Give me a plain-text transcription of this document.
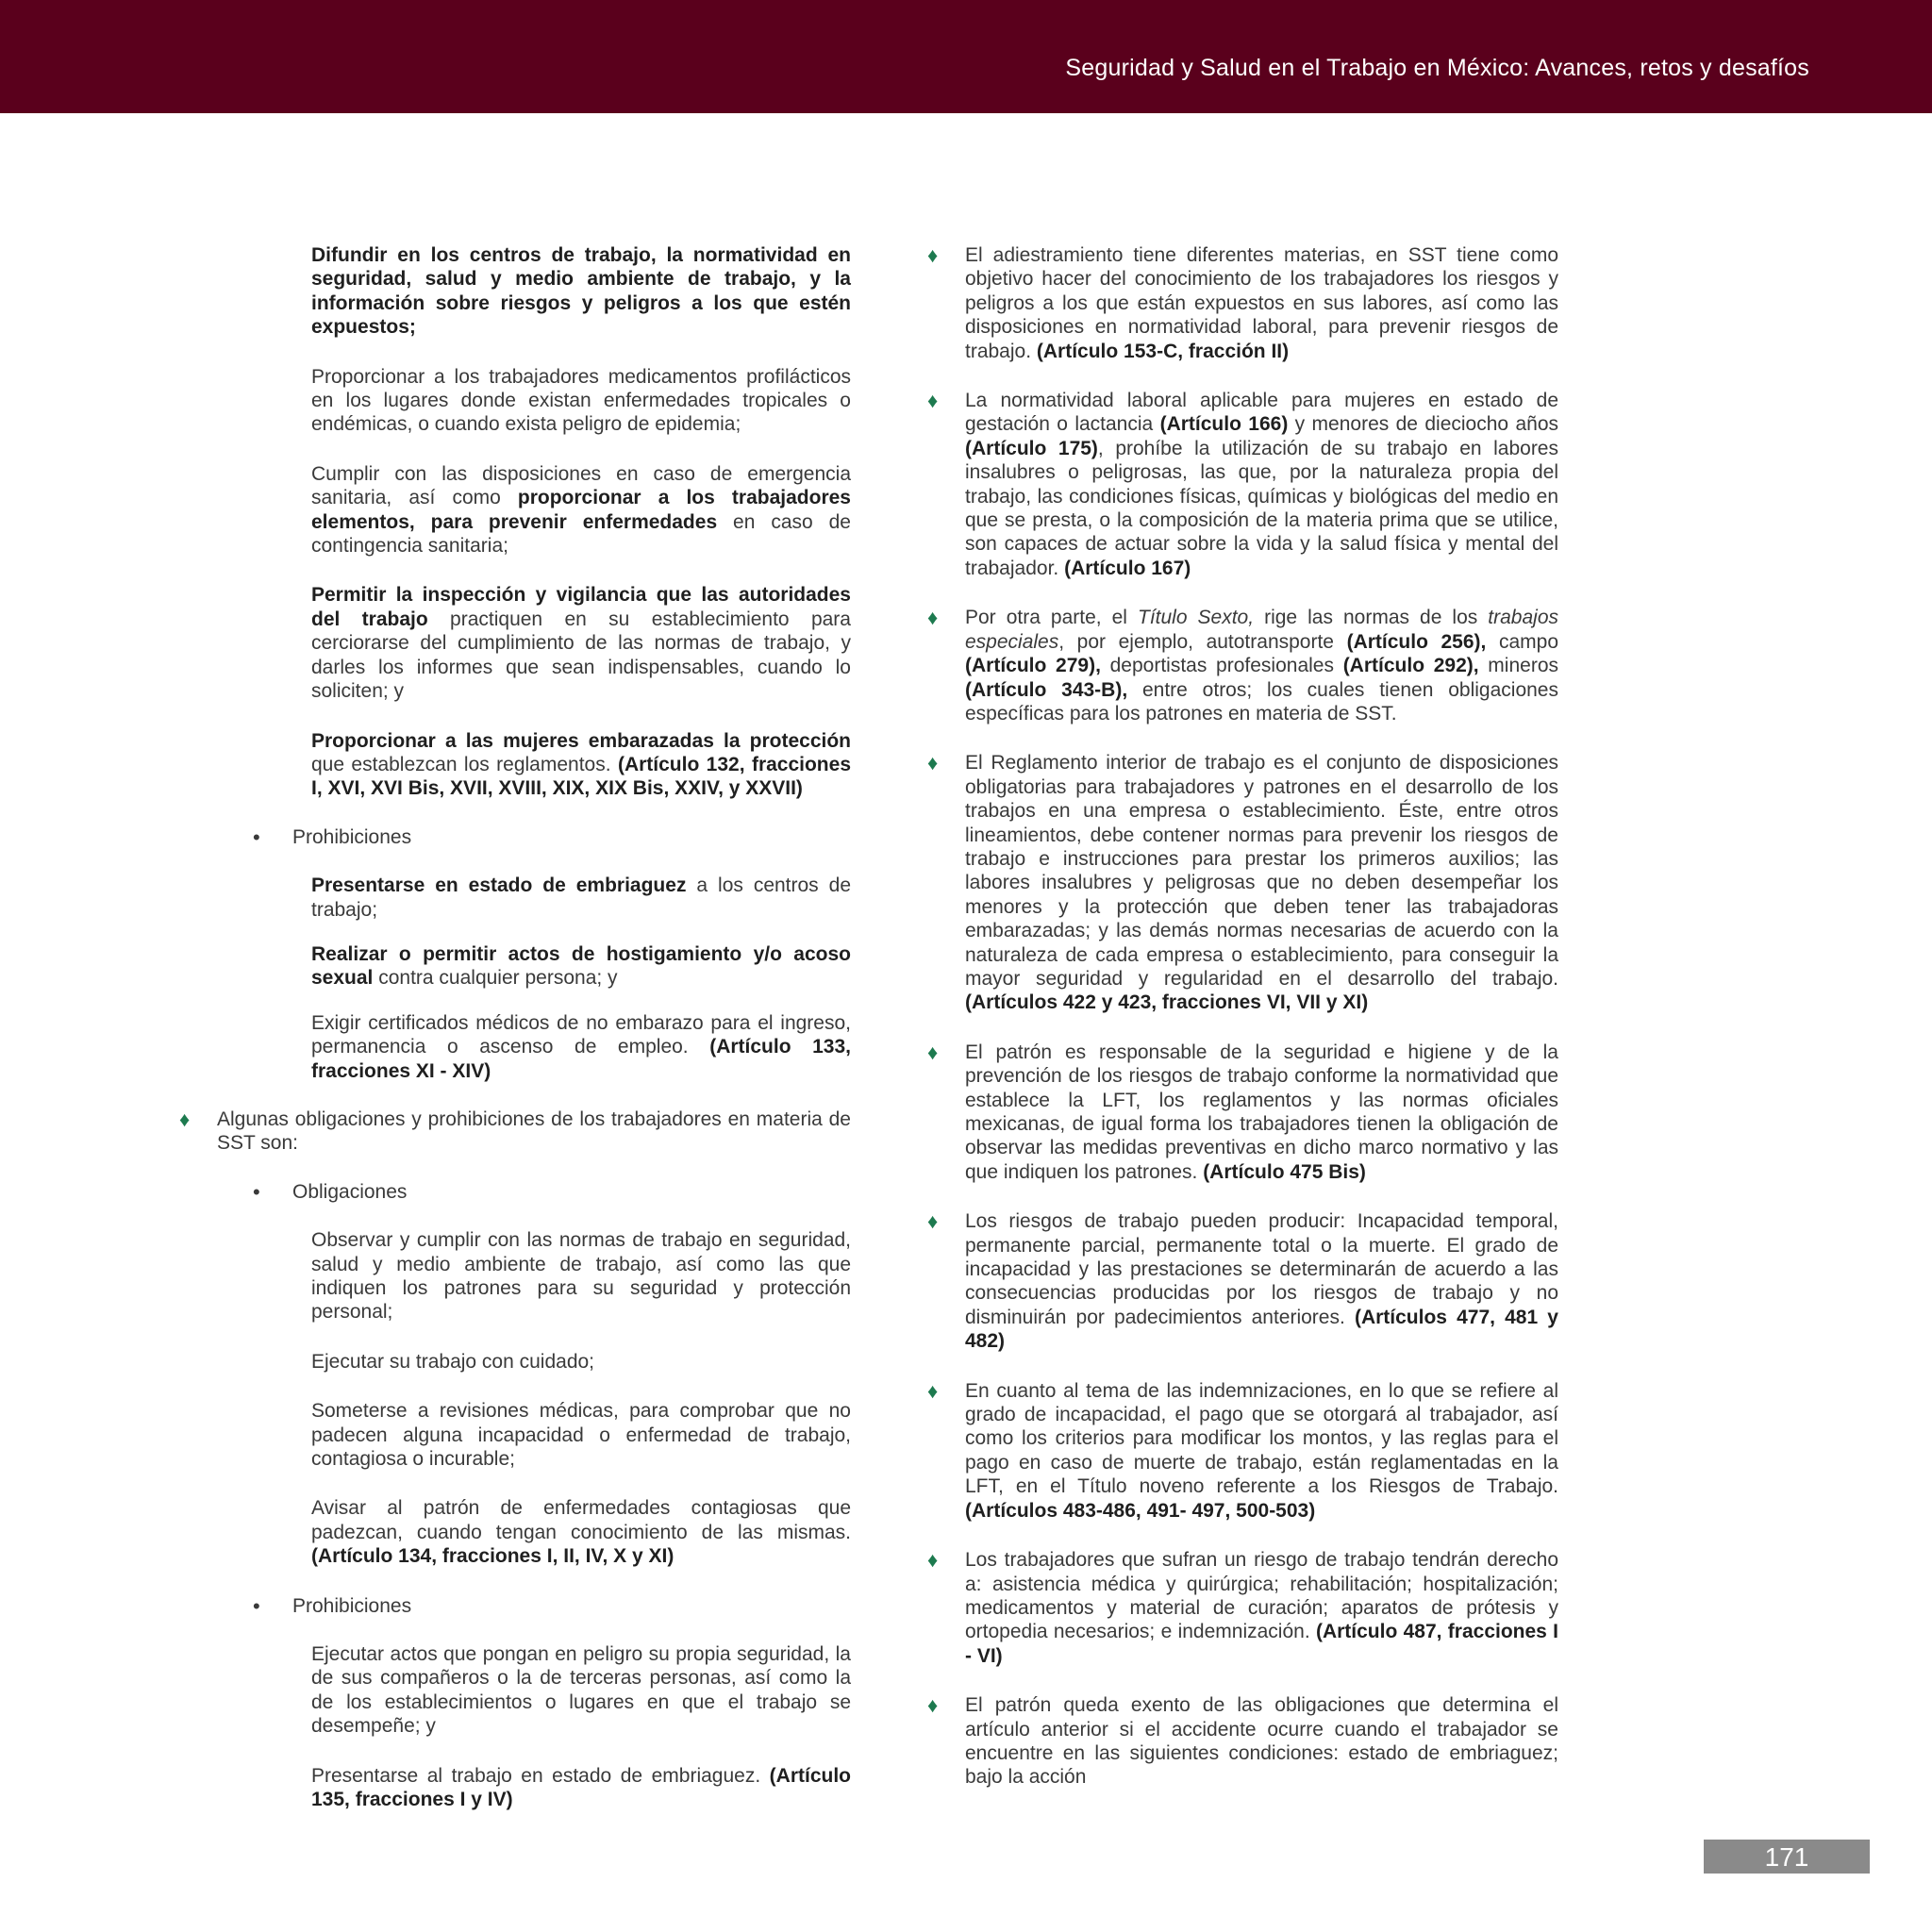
Seguridad y Salud en el Trabajo en México: Avances, retos y desafíos

Difundir en los centros de trabajo, la normatividad en seguridad, salud y medio ambiente de trabajo, y la información sobre riesgos y peligros a los que estén expuestos;

Proporcionar a los trabajadores medicamentos profilácticos en los lugares donde existan enfermedades tropicales o endémicas, o cuando exista peligro de epidemia;

Cumplir con las disposiciones en caso de emergencia sanitaria, así como proporcionar a los trabajadores elementos, para prevenir enfermedades en caso de contingencia sanitaria;

Permitir la inspección y vigilancia que las autoridades del trabajo practiquen en su establecimiento para cerciorarse del cumplimiento de las normas de trabajo, y darles los informes que sean indispensables, cuando lo soliciten; y

Proporcionar a las mujeres embarazadas la protección que establezcan los reglamentos. (Artículo 132, fracciones I, XVI, XVI Bis, XVII, XVIII, XIX, XIX Bis, XXIV, y XXVII)

• Prohibiciones

Presentarse en estado de embriaguez a los centros de trabajo;

Realizar o permitir actos de hostigamiento y/o acoso sexual contra cualquier persona; y

Exigir certificados médicos de no embarazo para el ingreso, permanencia o ascenso de empleo. (Artículo 133, fracciones XI - XIV)

♦ Algunas obligaciones y prohibiciones de los trabajadores en materia de SST son:

• Obligaciones

Observar y cumplir con las normas de trabajo en seguridad, salud y medio ambiente de trabajo, así como las que indiquen los patrones para su seguridad y protección personal;

Ejecutar su trabajo con cuidado;

Someterse a revisiones médicas, para comprobar que no padecen alguna incapacidad o enfermedad de trabajo, contagiosa o incurable;

Avisar al patrón de enfermedades contagiosas que padezcan, cuando tengan conocimiento de las mismas. (Artículo 134, fracciones I, II, IV, X y XI)

• Prohibiciones

Ejecutar actos que pongan en peligro su propia seguridad, la de sus compañeros o la de terceras personas, así como la de los establecimientos o lugares en que el trabajo se desempeñe; y

Presentarse al trabajo en estado de embriaguez. (Artículo 135, fracciones I y IV)

♦ El adiestramiento tiene diferentes materias, en SST tiene como objetivo hacer del conocimiento de los trabajadores los riesgos y peligros a los que están expuestos en sus labores, así como las disposiciones en normatividad laboral, para prevenir riesgos de trabajo. (Artículo 153-C, fracción II)

♦ La normatividad laboral aplicable para mujeres en estado de gestación o lactancia (Artículo 166) y menores de dieciocho años (Artículo 175), prohíbe la utilización de su trabajo en labores insalubres o peligrosas, las que, por la naturaleza propia del trabajo, las condiciones físicas, químicas y biológicas del medio en que se presta, o la composición de la materia prima que se utilice, son capaces de actuar sobre la vida y la salud física y mental del trabajador. (Artículo 167)

♦ Por otra parte, el Título Sexto, rige las normas de los trabajos especiales, por ejemplo, autotransporte (Artículo 256), campo (Artículo 279), deportistas profesionales (Artículo 292), mineros (Artículo 343-B), entre otros; los cuales tienen obligaciones específicas para los patrones en materia de SST.

♦ El Reglamento interior de trabajo es el conjunto de disposiciones obligatorias para trabajadores y patrones en el desarrollo de los trabajos en una empresa o establecimiento. Éste, entre otros lineamientos, debe contener normas para prevenir los riesgos de trabajo e instrucciones para prestar los primeros auxilios; las labores insalubres y peligrosas que no deben desempeñar los menores y la protección que deben tener las trabajadoras embarazadas; y las demás normas necesarias de acuerdo con la naturaleza de cada empresa o establecimiento, para conseguir la mayor seguridad y regularidad en el desarrollo del trabajo. (Artículos 422 y 423, fracciones VI, VII y XI)

♦ El patrón es responsable de la seguridad e higiene y de la prevención de los riesgos de trabajo conforme la normatividad que establece la LFT, los reglamentos y las normas oficiales mexicanas, de igual forma los trabajadores tienen la obligación de observar las medidas preventivas en dicho marco normativo y las que indiquen los patrones. (Artículo 475 Bis)

♦ Los riesgos de trabajo pueden producir: Incapacidad temporal, permanente parcial, permanente total o la muerte. El grado de incapacidad y las prestaciones se determinarán de acuerdo a las consecuencias producidas por los riesgos de trabajo y no disminuirán por padecimientos anteriores. (Artículos 477, 481 y 482)

♦ En cuanto al tema de las indemnizaciones, en lo que se refiere al grado de incapacidad, el pago que se otorgará al trabajador, así como los criterios para modificar los montos, y las reglas para el pago en caso de muerte de trabajo, están reglamentadas en la LFT, en el Título noveno referente a los Riesgos de Trabajo. (Artículos 483-486, 491- 497, 500-503)

♦ Los trabajadores que sufran un riesgo de trabajo tendrán derecho a: asistencia médica y quirúrgica; rehabilitación; hospitalización; medicamentos y material de curación; aparatos de prótesis y ortopedia necesarios; e indemnización. (Artículo 487, fracciones I - VI)

♦ El patrón queda exento de las obligaciones que determina el artículo anterior si el accidente ocurre cuando el trabajador se encuentre en las siguientes condiciones: estado de embriaguez; bajo la acción

171
